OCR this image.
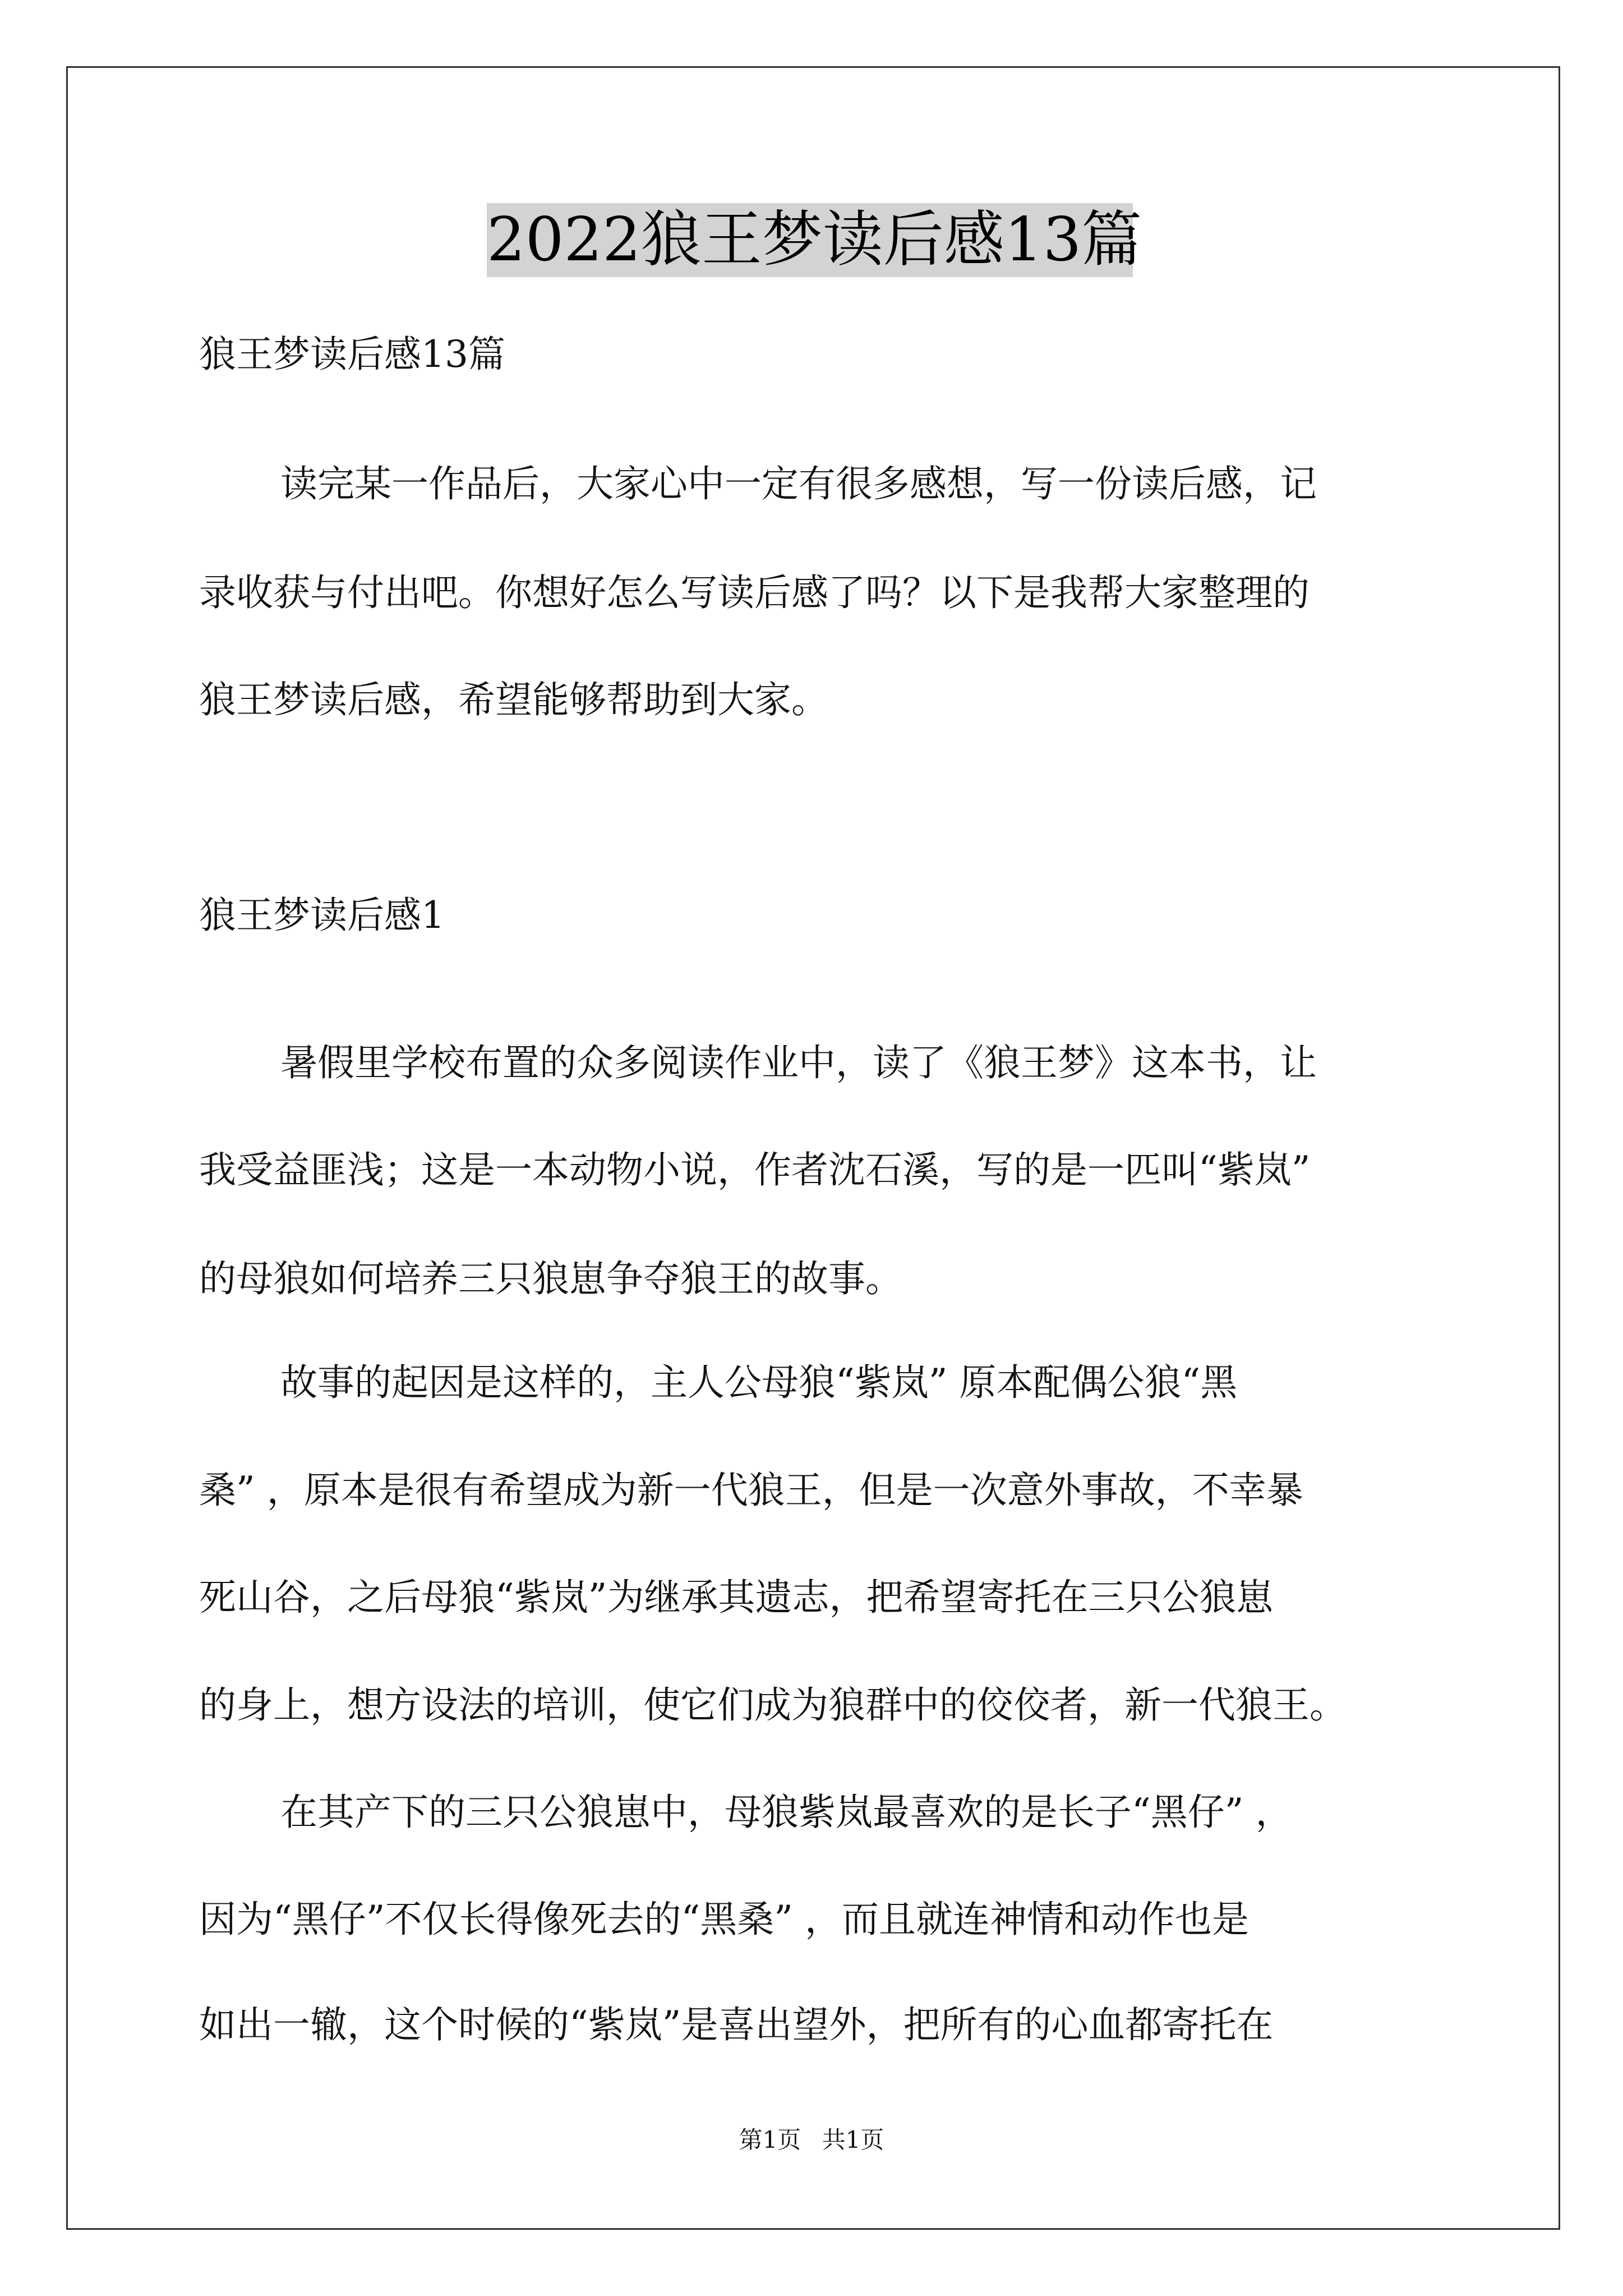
2022狼王梦读后感13篇
狼王梦读后感13篇
读完某一作品后，大家心中一定有很多感想，写一份读后感，记
录收获与付出吧。你想好怎么写读后感了吗？以下是我帮大家整理的
狼王梦读后感，希望能够帮助到大家。
狼王梦读后感1
暑假里学校布置的众多阅读作业中，读了《狼王梦》这本书，让
我受益匪浅；这是一本动物小说，作者沈石溪，写的是一匹叫“紫岚”
的母狼如何培养三只狼崽争夺狼王的故事。
故事的起因是这样的，主人公母狼“紫岚” 原本配偶公狼“黑
桑” ，原本是很有希望成为新一代狼王，但是一次意外事故，不幸暴
死山谷，之后母狼“紫岚”为继承其遗志，把希望寄托在三只公狼崽
的身上，想方设法的培训，使它们成为狼群中的佼佼者，新一代狼王。
在其产下的三只公狼崽中，母狼紫岚最喜欢的是长子“黑仔” ，
因为“黑仔”不仅长得像死去的“黑桑” ，而且就连神情和动作也是
如出一辙，这个时候的“紫岚”是喜出望外，把所有的心血都寄托在
第1页 共1页
